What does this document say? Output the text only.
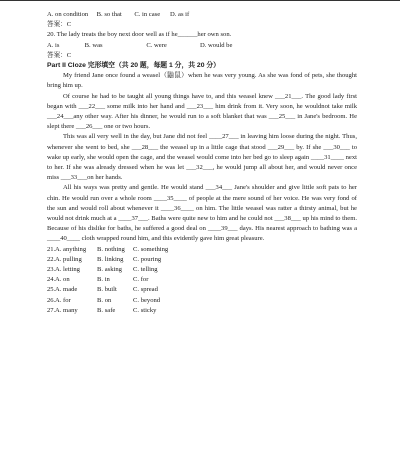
A. on condition B. so that C. in case D. as if
答案：C
20. The lady treats the boy next door well as if he______her own son.
A. is	B. was	C. were	D. would be
答案：C
Part II Cloze 完形填空（共 20 题，每题 1 分，共 20 分）
My friend Jane once found a weasel（鼬鼠）when he was very young. As she was fond of pets, she thought bring him up.
Of course he had to be taught all young things have to, and this weasel knew ___21___. The good lady first began with ___22___ some milk into her hand and ___23___ him drink from it. Very soon, he wouldnot take milk ___24___any other way. After his dinner, he would run to a soft blanket that was ___25___ in Jane's bedroom. He slept there ___26___ one or two hours.
This was all very well in the day, but Jane did not feel ____27___ in leaving him loose during the night. Thus, whenever she went to bed, she ___28___ the weasel up in a little cage that stood ___29___ by. If she ___30___ to wake up early, she would open the cage, and the weasel would come into her bed go to sleep again ____31____ next to her. If she was already dressed when he was let ___32___, he would jump all about her, and would never once miss ___33___on her hands.
All his ways was pretty and gentle. He would stand ___34___ Jane's shoulder and give little soft pats to her chin. He would run over a whole room ____35____ of people at the mere sound of her voice. He was very fond of the sun and would roll about whenever it ____36____ on him. The little weasel was ratter a thirsty animal, but he would not drink much at a ____37___. Baths were quite new to him and he could not ___38___ up his mind to them. Because of his dislike for baths, he suffered a good deal on ____39___ days. His nearest approach to bathing was a ____40____ cloth wrapped round him, and this evidently gave him great pleasure.
21.A. anything B. nothing C. something
22.A. pulling B. linking C. pouring
23.A. letting	B. asking C. telling
24.A. on	B. in	C. for
25.A. made	B. built C. spread
26.A. for	B. on	C. beyond
27.A. many	B. safe	C. sticky
